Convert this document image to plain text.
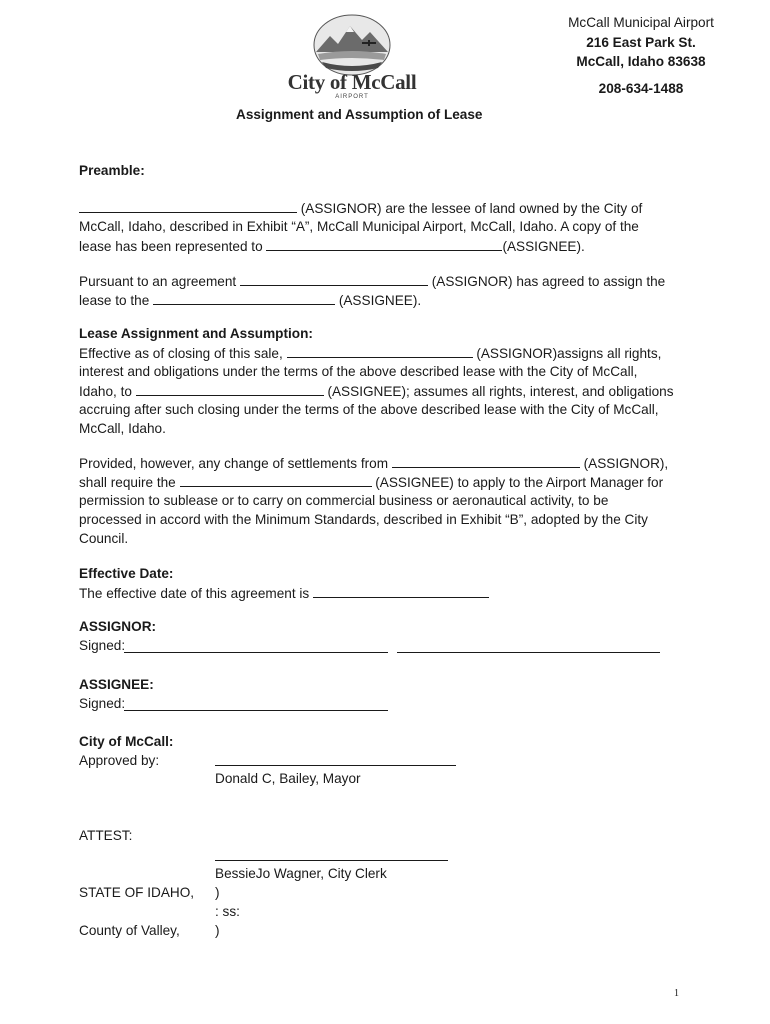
City of McCall
AIRPORT
McCall Municipal Airport
216 East Park St.
McCall, Idaho 83638
208-634-1488
Assignment and Assumption of Lease
Preamble:
(ASSIGNOR) are the lessee of land owned by the City of
McCall, Idaho, described in Exhibit “A”, McCall Municipal Airport, McCall, Idaho. A copy of the
lease has been represented to	(ASSIGNEE).
Pursuant to an agreement	(ASSIGNOR) has agreed to assign the
lease to the	(ASSIGNEE).
Lease Assignment and Assumption:
Effective as of closing of this sale,	(ASSIGNOR)assigns all rights,
interest and obligations under the terms of the above described lease with the City of McCall,
Idaho, to	(ASSIGNEE); assumes all rights, interest, and obligations
accruing after such closing under the terms of the above described lease with the City of McCall,
McCall, Idaho.
Provided, however, any change of settlements from	(ASSIGNOR),
shall require the	(ASSIGNEE) to apply to the Airport Manager for
permission to sublease or to carry on commercial business or aeronautical activity, to be
processed in accord with the Minimum Standards, described in Exhibit “B”, adopted by the City
Council.
Effective Date:
The effective date of this agreement is
ASSIGNOR:
Signed:
ASSIGNEE:
Signed:
City of McCall:
Approved by:
Donald C, Bailey, Mayor
ATTEST:
BessieJo Wagner, City Clerk
STATE OF IDAHO, )
: ss:
County of Valley,	)
1
